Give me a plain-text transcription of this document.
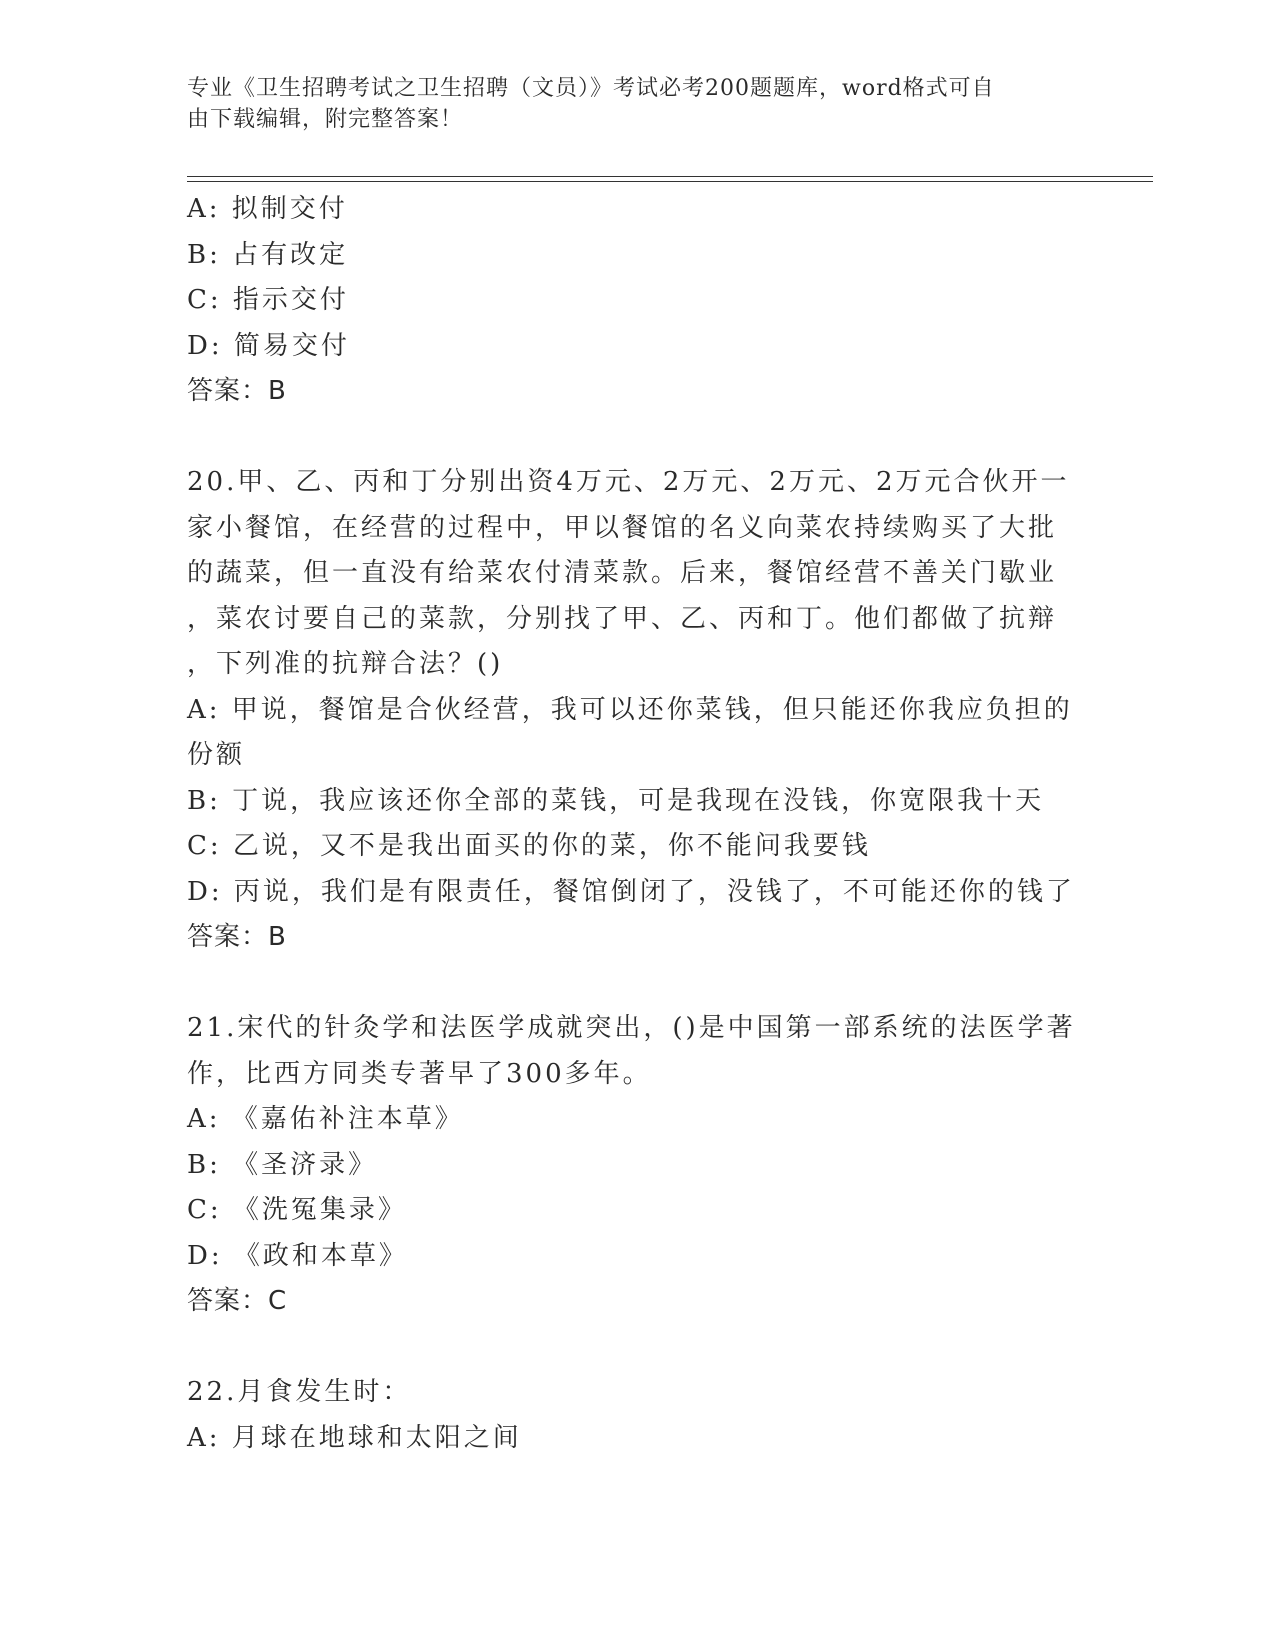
专业《卫生招聘考试之卫生招聘（文员）》考试必考200题题库，word格式可自
由下载编辑，附完整答案！
A: 拟制交付
B: 占有改定
C: 指示交付
D: 简易交付
答案：B
20.甲、乙、丙和丁分别出资4万元、2万元、2万元、2万元合伙开一
家小餐馆，在经营的过程中，甲以餐馆的名义向菜农持续购买了大批
的蔬菜，但一直没有给菜农付清菜款。后来，餐馆经营不善关门歇业
，菜农讨要自己的菜款，分别找了甲、乙、丙和丁。他们都做了抗辩
，下列准的抗辩合法？()
A: 甲说，餐馆是合伙经营，我可以还你菜钱，但只能还你我应负担的
份额
B: 丁说，我应该还你全部的菜钱，可是我现在没钱，你宽限我十天
C: 乙说，又不是我出面买的你的菜，你不能问我要钱
D: 丙说，我们是有限责任，餐馆倒闭了，没钱了，不可能还你的钱了
答案：B
21.宋代的针灸学和法医学成就突出，()是中国第一部系统的法医学著
作，比西方同类专著早了300多年。
A: 《嘉佑补注本草》
B: 《圣济录》
C: 《洗冤集录》
D: 《政和本草》
答案：C
22.月食发生时：
A: 月球在地球和太阳之间
